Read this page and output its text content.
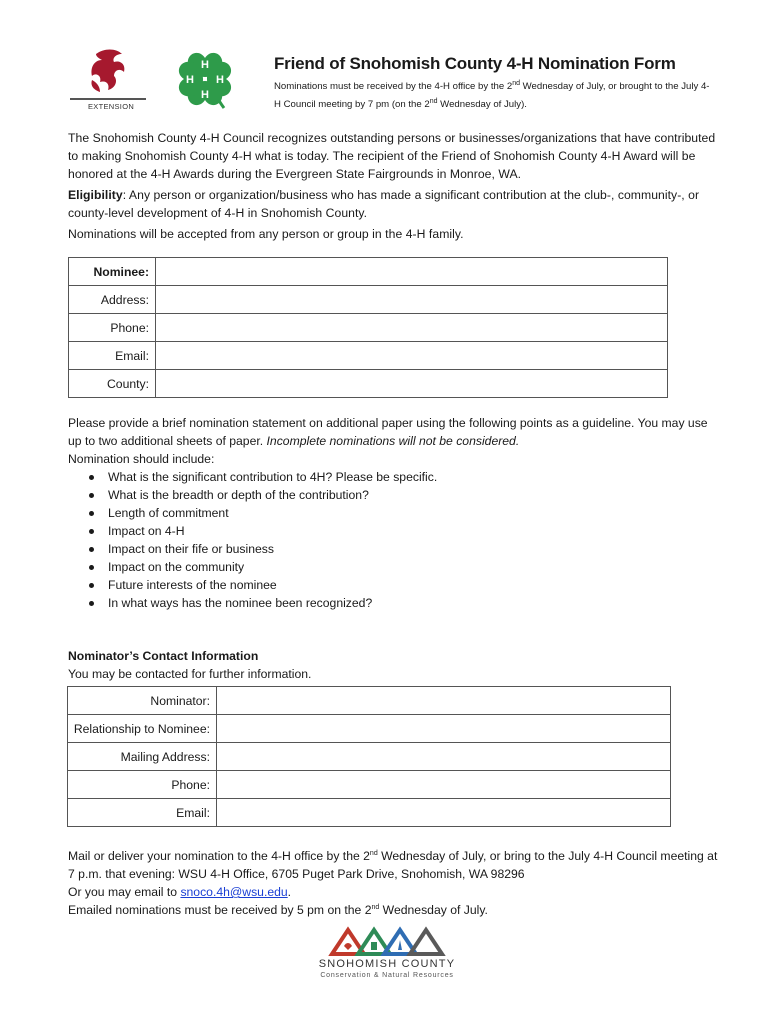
EXTENSION
H
H H
H
Friend of Snohomish County 4-H Nomination Form
Nominations must be received by the 4-H office by the 2nd Wednesday of July, or brought to the July 4-H Council meeting by 7 pm (on the 2nd Wednesday of July).

The Snohomish County 4-H Council recognizes outstanding persons or businesses/organizations that have contributed to making Snohomish County 4-H what is today. The recipient of the Friend of Snohomish County 4-H Award will be honored at the 4-H Awards during the Evergreen State Fairgrounds in Monroe, WA.

Eligibility: Any person or organization/business who has made a significant contribution at the club-, community-, or county-level development of 4-H in Snohomish County.

Nominations will be accepted from any person or group in the 4-H family.

Nominee:	
Address:	
Phone:	
Email:	
County:	

Please provide a brief nomination statement on additional paper using the following points as a guideline. You may use up to two additional sheets of paper. Incomplete nominations will not be considered.

Nomination should include:

What is the significant contribution to 4H? Please be specific.
What is the breadth or depth of the contribution?
Length of commitment
Impact on 4-H
Impact on their fife or business
Impact on the community
Future interests of the nominee
In what ways has the nominee been recognized?

Nominator’s Contact Information

You may be contacted for further information.

Nominator:	
Relationship to Nominee:	
Mailing Address:	
Phone:	
Email:	

Mail or deliver your nomination to the 4-H office by the 2nd Wednesday of July, or bring to the July 4-H Council meeting at 7 p.m. that evening: WSU 4-H Office, 6705 Puget Park Drive, Snohomish, WA 98296

Or you may email to snoco.4h@wsu.edu.

Emailed nominations must be received by 5 pm on the 2nd Wednesday of July.

SNOHOMISH COUNTY
Conservation & Natural Resources
